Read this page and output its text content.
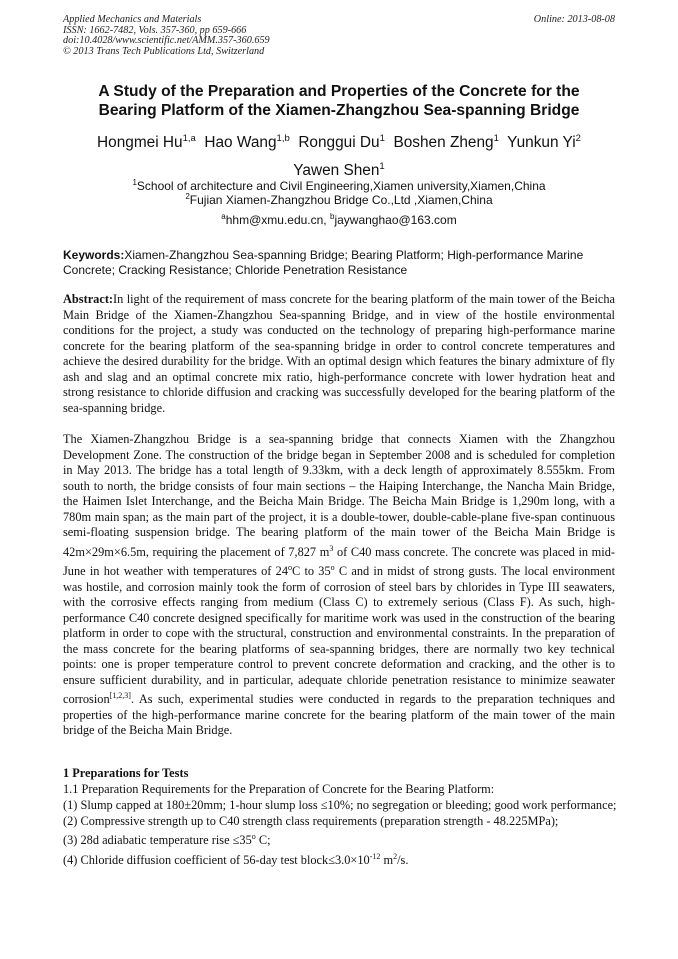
Applied Mechanics and Materials
ISSN: 1662-7482, Vols. 357-360, pp 659-666
doi:10.4028/www.scientific.net/AMM.357-360.659
© 2013 Trans Tech Publications Ltd, Switzerland
Online: 2013-08-08
A Study of the Preparation and Properties of the Concrete for the
Bearing Platform of the Xiamen-Zhangzhou Sea-spanning Bridge
Hongmei Hu$^{1,a}$ Hao Wang$^{1,b}$ Ronggui Du$^1$ Boshen Zheng$^1$ Yunkun Yi$^2$
Yawen Shen$^1$
$^1$School of architecture and Civil Engineering,Xiamen university,Xiamen,China
$^2$Fujian Xiamen-Zhangzhou Bridge Co.,Ltd ,Xiamen,China
$^a$hhm@xmu.edu.cn, $^b$jaywanghao@163.com
Keywords:Xiamen-Zhangzhou Sea-spanning Bridge; Bearing Platform; High-performance Marine Concrete; Cracking Resistance; Chloride Penetration Resistance
Abstract:In light of the requirement of mass concrete for the bearing platform of the main tower of the Beicha Main Bridge of the Xiamen-Zhangzhou Sea-spanning Bridge, and in view of the hostile environmental conditions for the project, a study was conducted on the technology of preparing high-performance marine concrete for the bearing platform of the sea-spanning bridge in order to control concrete temperatures and achieve the desired durability for the bridge. With an optimal design which features the binary admixture of fly ash and slag and an optimal concrete mix ratio, high-performance concrete with lower hydration heat and strong resistance to chloride diffusion and cracking was successfully developed for the bearing platform of the sea-spanning bridge.
The Xiamen-Zhangzhou Bridge is a sea-spanning bridge that connects Xiamen with the Zhangzhou Development Zone. The construction of the bridge began in September 2008 and is scheduled for completion in May 2013. The bridge has a total length of 9.33km, with a deck length of approximately 8.555km. From south to north, the bridge consists of four main sections – the Haiping Interchange, the Nancha Main Bridge, the Haimen Islet Interchange, and the Beicha Main Bridge. The Beicha Main Bridge is 1,290m long, with a 780m main span; as the main part of the project, it is a double-tower, double-cable-plane five-span continuous semi-floating suspension bridge. The bearing platform of the main tower of the Beicha Main Bridge is 42m×29m×6.5m, requiring the placement of 7,827 $m^3$ of C40 mass concrete. The concrete was placed in mid-June in hot weather with temperatures of 24$^o$C to 35$^o$ C and in midst of strong gusts. The local environment was hostile, and corrosion mainly took the form of corrosion of steel bars by chlorides in Type III seawaters, with the corrosive effects ranging from medium (Class C) to extremely serious (Class F). As such, high-performance C40 concrete designed specifically for maritime work was used in the construction of the bearing platform in order to cope with the structural, construction and environmental constraints. In the preparation of the mass concrete for the bearing platforms of sea-spanning bridges, there are normally two key technical points: one is proper temperature control to prevent concrete deformation and cracking, and the other is to ensure sufficient durability, and in particular, adequate chloride penetration resistance to minimize seawater corrosion[1,2,3]. As such, experimental studies were conducted in regards to the preparation techniques and properties of the high-performance marine concrete for the bearing platform of the main tower of the main bridge of the Beicha Main Bridge.
1 Preparations for Tests
1.1 Preparation Requirements for the Preparation of Concrete for the Bearing Platform:

(1) Slump capped at 180±20mm; 1-hour slump loss ≤10%; no segregation or bleeding; good work performance;

(2) Compressive strength up to C40 strength class requirements (preparation strength - 48.225MPa);

(3) 28d adiabatic temperature rise $\le 35^o$ C;

(4) Chloride diffusion coefficient of 56-day test $block\le 3.0\times 10^{-12}$ $m^2/s$.
